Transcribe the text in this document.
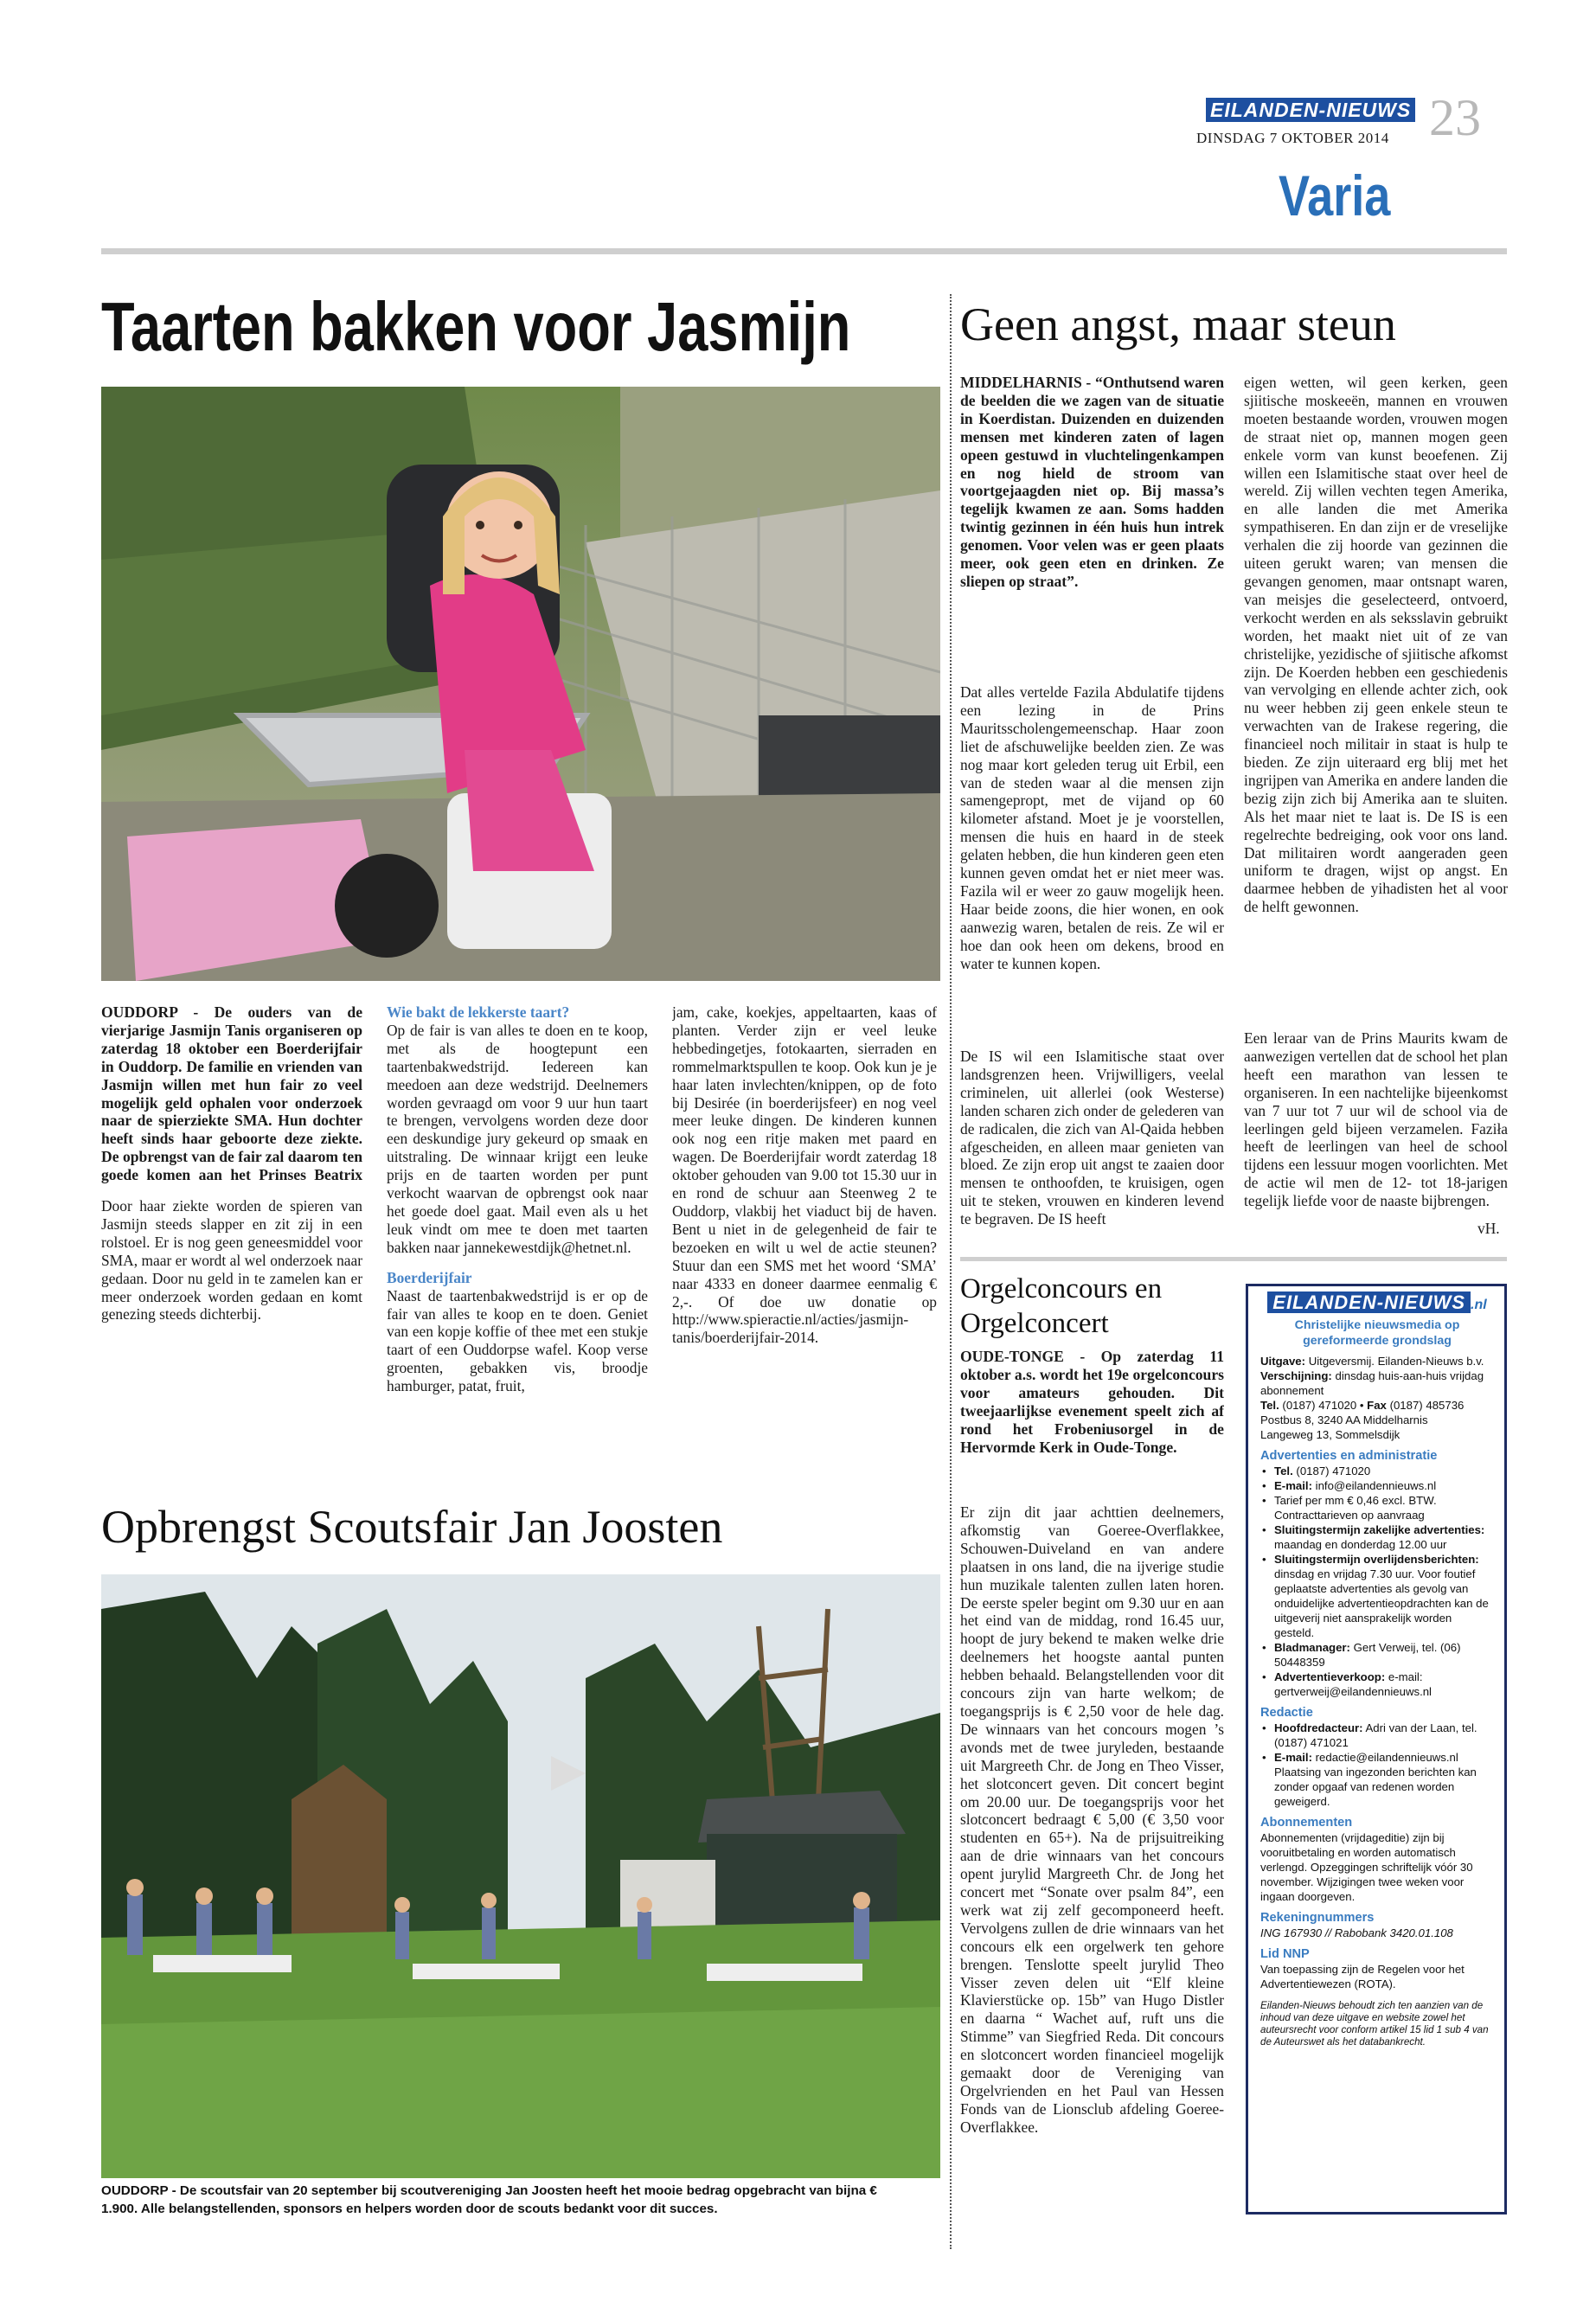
EILANDEN-NIEUWS
DINSDAG 7 OKTOBER 2014 23
Varia
Taarten bakken voor Jasmijn
OUDDORP - De ouders van de vierjarige Jasmijn Tanis organiseren op zaterdag 18 oktober een Boerderijfair in Ouddorp. De familie en vrienden van Jasmijn willen met hun fair zo veel mogelijk geld ophalen voor onderzoek naar de spierziekte SMA. Hun dochter heeft sinds haar geboorte deze ziekte. De opbrengst van de fair zal daarom ten goede komen aan het Prinses Beatrix
Door haar ziekte worden de spieren van Jasmijn steeds slapper en zit zij in een rolstoel. Er is nog geen geneesmiddel voor SMA, maar er wordt al wel onderzoek naar gedaan. Door nu geld in te zamelen kan er meer onderzoek worden gedaan en komt genezing steeds dichterbij.
Wie bakt de lekkerste taart?
Op de fair is van alles te doen en te koop, met als de hoogtepunt een taartenbakwedstrijd. Iedereen kan meedoen aan deze wedstrijd. Deelnemers worden gevraagd om voor 9 uur hun taart te brengen, vervolgens worden deze door een deskundige jury gekeurd op smaak en uitstraling. De winnaar krijgt een leuke prijs en de taarten worden per punt verkocht waarvan de opbrengst ook naar het goede doel gaat. Mail even als u het leuk vindt om mee te doen met taarten bakken naar jannekewestdijk@hetnet.nl.
Boerderijfair
Naast de taartenbakwedstrijd is er op de fair van alles te koop en te doen. Geniet van een kopje koffie of thee met een stukje taart of een Ouddorpse wafel. Koop verse groenten, gebakken vis, broodje hamburger, patat, fruit,
jam, cake, koekjes, appeltaarten, kaas of planten. Verder zijn er veel leuke hebbedingetjes, fotokaarten, sierraden en rommelmarktspullen te koop. Ook kun je je haar laten invlechten/knippen, op de foto bij Desirée (in boerderijsfeer) en nog veel meer leuke dingen. De kinderen kunnen ook nog een ritje maken met paard en wagen. De Boerderijfair wordt zaterdag 18 oktober gehouden van 9.00 tot 15.30 uur in en rond de schuur aan Steenweg 2 te Ouddorp, vlakbij het viaduct bij de haven. Bent u niet in de gelegenheid de fair te bezoeken en wilt u wel de actie steunen? Stuur dan een SMS met het woord ‘SMA’ naar 4333 en doneer daarmee eenmalig € 2,-. Of doe uw donatie op http://www.spieractie.nl/acties/jasmijn-tanis/boerderijfair-2014.
Opbrengst Scoutsfair Jan Joosten
OUDDORP - De scoutsfair van 20 september bij scoutvereniging Jan Joosten heeft het mooie bedrag opgebracht van bijna € 1.900. Alle belangstellenden, sponsors en helpers worden door de scouts bedankt voor dit succes.
Geen angst, maar steun
MIDDELHARNIS - “Onthutsend waren de beelden die we zagen van de situatie in Koerdistan. Duizenden en duizenden mensen met kinderen zaten of lagen opeen gestuwd in vluchtelingenkampen en nog hield de stroom van voortgejaagden niet op. Bij massa’s tegelijk kwamen ze aan. Soms hadden twintig gezinnen in één huis hun intrek genomen. Voor velen was er geen plaats meer, ook geen eten en drinken. Ze sliepen op straat”.
Dat alles vertelde Fazila Abdulatife tijdens een lezing in de Prins Mauritsscholengemeenschap. Haar zoon liet de afschuwelijke beelden zien. Ze was nog maar kort geleden terug uit Erbil, een van de steden waar al die mensen zijn samengepropt, met de vijand op 60 kilometer afstand. Moet je je voorstellen, mensen die huis en haard in de steek gelaten hebben, die hun kinderen geen eten kunnen geven omdat het er niet meer was. Fazila wil er weer zo gauw mogelijk heen. Haar beide zoons, die hier wonen, en ook aanwezig waren, betalen de reis. Ze wil er hoe dan ook heen om dekens, brood en water te kunnen kopen.
De IS wil een Islamitische staat over landsgrenzen heen. Vrijwilligers, veelal criminelen, uit allerlei (ook Westerse) landen scharen zich onder de gelederen van de radicalen, die zich van Al-Qaida hebben afgescheiden, en alleen maar genieten van bloed. Ze zijn erop uit angst te zaaien door mensen te onthoofden, te kruisigen, ogen uit te steken, vrouwen en kinderen levend te begraven. De IS heeft
eigen wetten, wil geen kerken, geen sjiitische moskeeën, mannen en vrouwen moeten bestaande worden, vrouwen mogen de straat niet op, mannen mogen geen enkele vorm van kunst beoefenen. Zij willen een Islamitische staat over heel de wereld. Zij willen vechten tegen Amerika, en alle landen die met Amerika sympathiseren. En dan zijn er de vreselijke verhalen die zij hoorde van gezinnen die uiteen gerukt waren; van mensen die gevangen genomen, maar ontsnapt waren, van meisjes die geselecteerd, ontvoerd, verkocht werden en als seksslavin gebruikt worden, het maakt niet uit of ze van christelijke, yezidische of sjiitische afkomst zijn. De Koerden hebben een geschiedenis van vervolging en ellende achter zich, ook nu weer hebben zij geen enkele steun te verwachten van de Irakese regering, die financieel noch militair in staat is hulp te bieden. Ze zijn uiteraard erg blij met het ingrijpen van Amerika en andere landen die bezig zijn zich bij Amerika aan te sluiten. Als het maar niet te laat is. De IS is een regelrechte bedreiging, ook voor ons land. Dat militairen wordt aangeraden geen uniform te dragen, wijst op angst. En daarmee hebben de yihadisten het al voor de helft gewonnen.
Een leraar van de Prins Maurits kwam de aanwezigen vertellen dat de school het plan heeft een marathon van lessen te organiseren. In een nachtelijke bijeenkomst van 7 uur tot 7 uur wil de school via de leerlingen geld bijeen verzamelen. Faziła heeft de leerlingen van heel de school tijdens een lessuur mogen voorlichten. Met de actie wil men de 12- tot 18-jarigen tegelijk liefde voor de naaste bijbrengen.
vH.
Orgelconcours en
Orgelconcert
OUDE-TONGE - Op zaterdag 11 oktober a.s. wordt het 19e orgelconcours voor amateurs gehouden. Dit tweejaarlijkse evenement speelt zich af rond het Frobeniusorgel in de Hervormde Kerk in Oude-Tonge.
Er zijn dit jaar achttien deelnemers, afkomstig van Goeree-Overflakkee, Schouwen-Duiveland en van andere plaatsen in ons land, die na ijverige studie hun muzikale talenten zullen laten horen. De eerste speler begint om 9.30 uur en aan het eind van de middag, rond 16.45 uur, hoopt de jury bekend te maken welke drie deelnemers het hoogste aantal punten hebben behaald. Belangstellenden voor dit concours zijn van harte welkom; de toegangsprijs is € 2,50 voor de hele dag. De winnaars van het concours mogen ’s avonds met de twee juryleden, bestaande uit Margreeth Chr. de Jong en Theo Visser, het slotconcert geven. Dit concert begint om 20.00 uur. De toegangsprijs voor het slotconcert bedraagt € 5,00 (€ 3,50 voor studenten en 65+). Na de prijsuitreiking aan de drie winnaars van het concours opent jurylid Margreeth Chr. de Jong het concert met “Sonate over psalm 84”, een werk wat zij zelf gecomponeerd heeft. Vervolgens zullen de drie winnaars van het concours elk een orgelwerk ten gehore brengen. Tenslotte speelt jurylid Theo Visser zeven delen uit “Elf kleine Klavierstücke op. 15b” van Hugo Distler en daarna “ Wachet auf, ruft uns die Stimme” van Siegfried Reda. Dit concours en slotconcert worden financieel mogelijk gemaakt door de Vereniging van Orgelvrienden en het Paul van Hessen Fonds van de Lionsclub afdeling Goeree-Overflakkee.
EILANDEN-NIEUWS .nl
Christelijke nieuwsmedia op gereformeerde grondslag
Uitgave: Uitgeversmij. Eilanden-Nieuws b.v.
Verschijning: dinsdag huis-aan-huis vrijdag abonnement
Tel. (0187) 471020 • Fax (0187) 485736
Postbus 8, 3240 AA Middelharnis
Langeweg 13, Sommelsdijk
Advertenties en administratie
• Tel. (0187) 471020
• E-mail: info@eilandennieuws.nl
• Tarief per mm € 0,46 excl. BTW. Contracttarieven op aanvraag
• Sluitingstermijn zakelijke advertenties: maandag en donderdag 12.00 uur
• Sluitingstermijn overlijdensberichten: dinsdag en vrijdag 7.30 uur. Voor foutief geplaatste advertenties als gevolg van onduidelijke advertentieopdrachten kan de uitgeverij niet aansprakelijk worden gesteld.
• Bladmanager: Gert Verweij, tel. (06) 50448359
• Advertentieverkoop: e-mail: gertverweij@eilandennieuws.nl
Redactie
• Hoofdredacteur: Adri van der Laan, tel. (0187) 471021
• E-mail: redactie@eilandennieuws.nl Plaatsing van ingezonden berichten kan zonder opgaaf van redenen worden geweigerd.
Abonnementen
Abonnementen (vrijdageditie) zijn bij vooruitbetaling en worden automatisch verlengd. Opzeggingen schriftelijk vóór 30 november. Wijzigingen twee weken voor ingaan doorgeven.
Rekeningnummers
ING 167930 // Rabobank 3420.01.108
Lid NNP
Van toepassing zijn de Regelen voor het Advertentiewezen (ROTA).
Eilanden-Nieuws behoudt zich ten aanzien van de inhoud van deze uitgave en website zowel het auteursrecht voor conform artikel 15 lid 1 sub 4 van de Auteurswet als het databankrecht.
